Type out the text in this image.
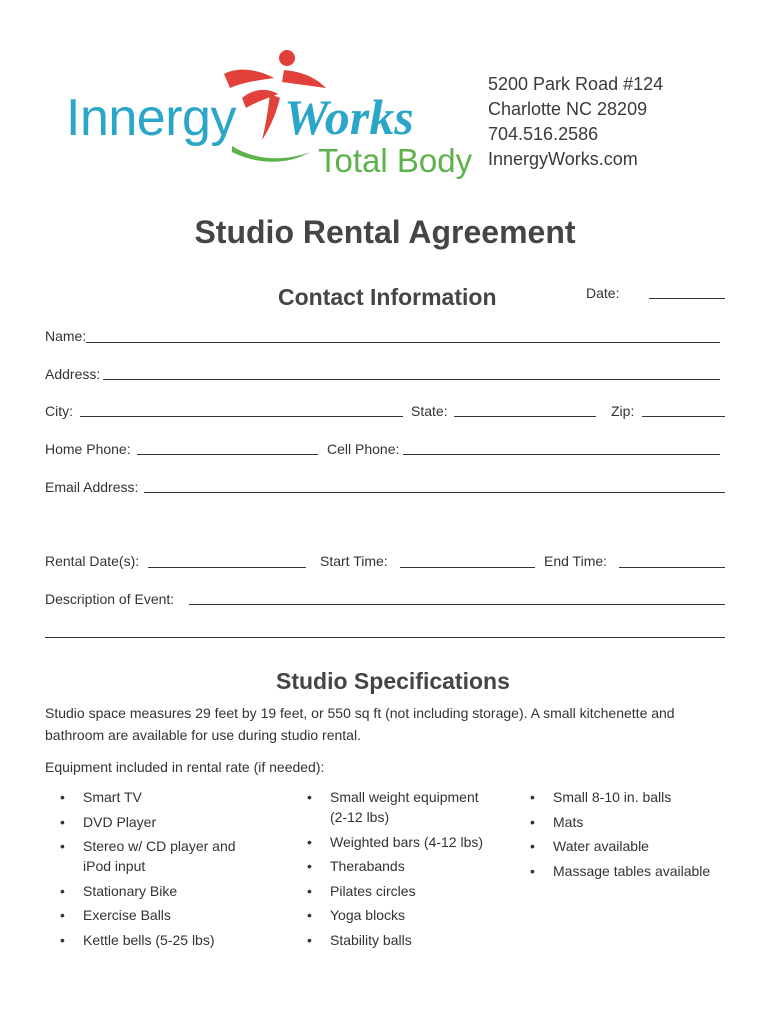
Innergy Works
Total Body
5200 Park Road #124
Charlotte NC 28209
704.516.2586
InnergyWorks.com
Studio Rental Agreement
Contact Information	Date:
Name:
Address:
City:	State:	Zip:
Home Phone:	Cell Phone:
Email Address:
Rental Date(s):	Start Time:	End Time:
Description of Event:
Studio Specifications
Studio space measures 29 feet by 19 feet, or 550 sq ft (not including storage). A small kitchenette and bathroom are available for use during studio rental.
Equipment included in rental rate (if needed):
• Smart TV
• DVD Player
• Stereo w/ CD player and iPod input
• Stationary Bike
• Exercise Balls
• Kettle bells (5-25 lbs)
• Small weight equipment (2-12 lbs)
• Weighted bars (4-12 lbs)
• Therabands
• Pilates circles
• Yoga blocks
• Stability balls
• Small 8-10 in. balls
• Mats
• Water available
• Massage tables available
